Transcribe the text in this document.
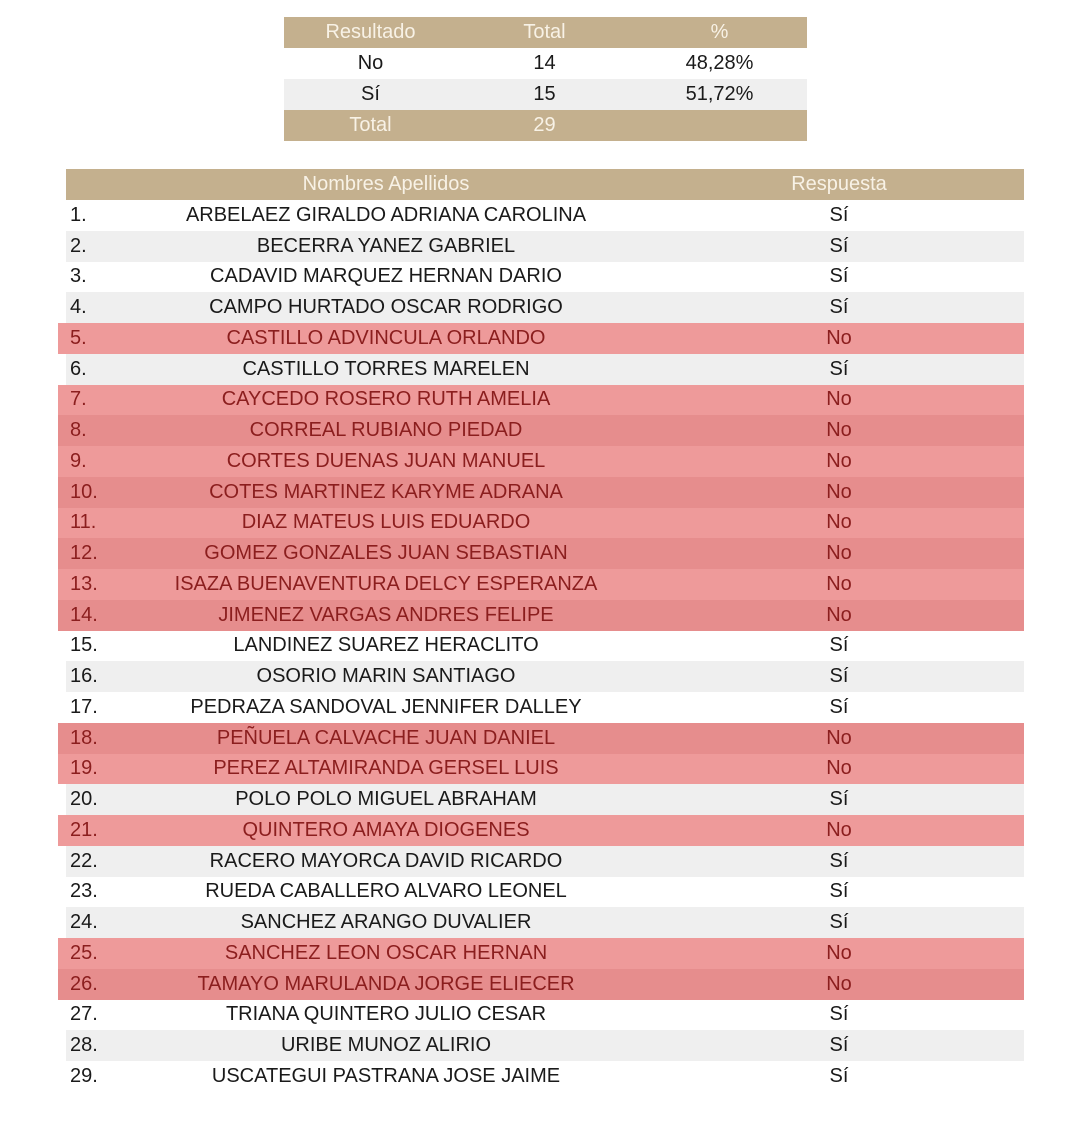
Resultado	Total	%
No	14	48,28%
Sí	15	51,72%
Total	29
Nombres Apellidos	Respuesta
1.	ARBELAEZ GIRALDO ADRIANA CAROLINA	Sí
2.	BECERRA YANEZ GABRIEL	Sí
3.	CADAVID MARQUEZ HERNAN DARIO	Sí
4.	CAMPO HURTADO OSCAR RODRIGO	Sí
5.	CASTILLO ADVINCULA ORLANDO	No
6.	CASTILLO TORRES MARELEN	Sí
7.	CAYCEDO ROSERO RUTH AMELIA	No
8.	CORREAL RUBIANO PIEDAD	No
9.	CORTES DUENAS JUAN MANUEL	No
10.	COTES MARTINEZ KARYME ADRANA	No
11.	DIAZ MATEUS LUIS EDUARDO	No
12.	GOMEZ GONZALES JUAN SEBASTIAN	No
13.	ISAZA BUENAVENTURA DELCY ESPERANZA	No
14.	JIMENEZ VARGAS ANDRES FELIPE	No
15.	LANDINEZ SUAREZ HERACLITO	Sí
16.	OSORIO MARIN SANTIAGO	Sí
17.	PEDRAZA SANDOVAL JENNIFER DALLEY	Sí
18.	PEÑUELA CALVACHE JUAN DANIEL	No
19.	PEREZ ALTAMIRANDA GERSEL LUIS	No
20.	POLO POLO MIGUEL ABRAHAM	Sí
21.	QUINTERO AMAYA DIOGENES	No
22.	RACERO MAYORCA DAVID RICARDO	Sí
23.	RUEDA CABALLERO ALVARO LEONEL	Sí
24.	SANCHEZ ARANGO DUVALIER	Sí
25.	SANCHEZ LEON OSCAR HERNAN	No
26.	TAMAYO MARULANDA JORGE ELIECER	No
27.	TRIANA QUINTERO JULIO CESAR	Sí
28.	URIBE MUNOZ ALIRIO	Sí
29.	USCATEGUI PASTRANA JOSE JAIME	Sí
